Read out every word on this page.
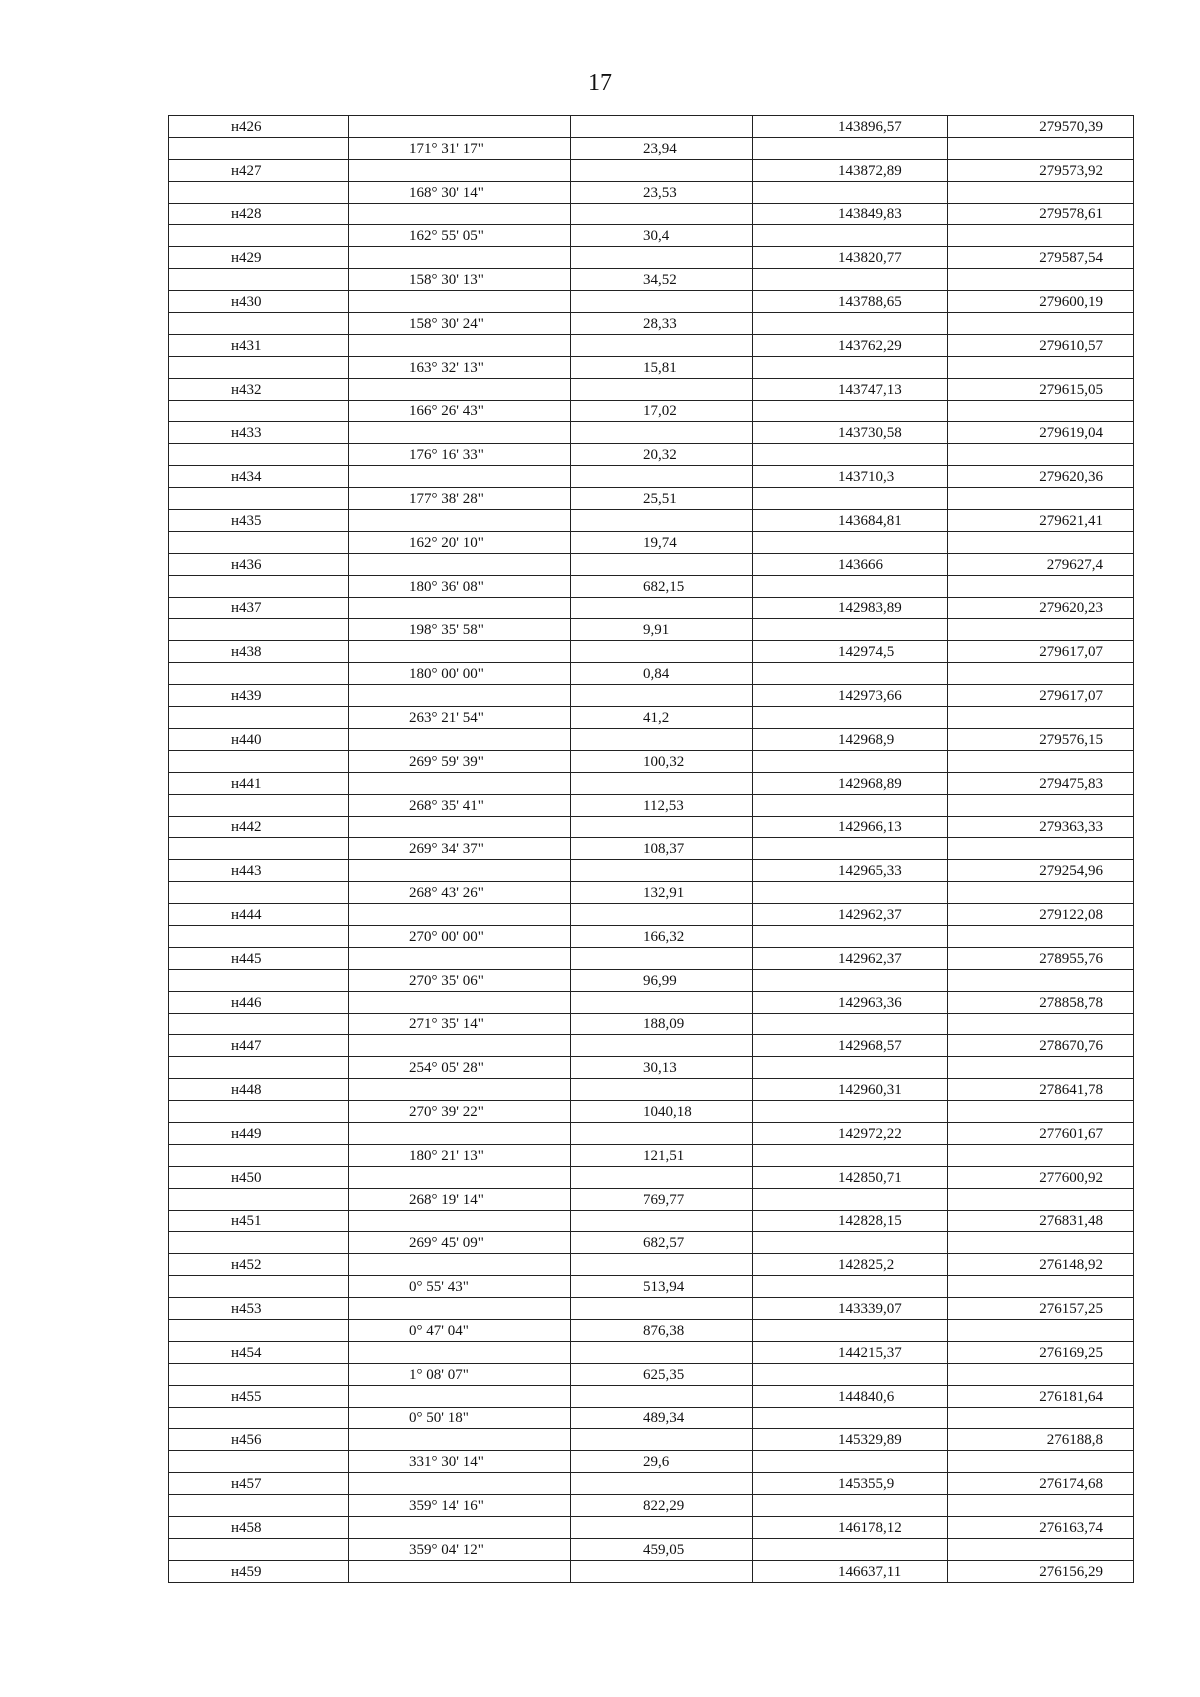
17
н426			143896,57	279570,39
	171° 31' 17"	23,94		
н427			143872,89	279573,92
	168° 30' 14"	23,53		
н428			143849,83	279578,61
	162° 55' 05"	30,4		
н429			143820,77	279587,54
	158° 30' 13"	34,52		
н430			143788,65	279600,19
	158° 30' 24"	28,33		
н431			143762,29	279610,57
	163° 32' 13"	15,81		
н432			143747,13	279615,05
	166° 26' 43"	17,02		
н433			143730,58	279619,04
	176° 16' 33"	20,32		
н434			143710,3	279620,36
	177° 38' 28"	25,51		
н435			143684,81	279621,41
	162° 20' 10"	19,74		
н436			143666	279627,4
	180° 36' 08"	682,15		
н437			142983,89	279620,23
	198° 35' 58"	9,91		
н438			142974,5	279617,07
	180° 00' 00"	0,84		
н439			142973,66	279617,07
	263° 21' 54"	41,2		
н440			142968,9	279576,15
	269° 59' 39"	100,32		
н441			142968,89	279475,83
	268° 35' 41"	112,53		
н442			142966,13	279363,33
	269° 34' 37"	108,37		
н443			142965,33	279254,96
	268° 43' 26"	132,91		
н444			142962,37	279122,08
	270° 00' 00"	166,32		
н445			142962,37	278955,76
	270° 35' 06"	96,99		
н446			142963,36	278858,78
	271° 35' 14"	188,09		
н447			142968,57	278670,76
	254° 05' 28"	30,13		
н448			142960,31	278641,78
	270° 39' 22"	1040,18		
н449			142972,22	277601,67
	180° 21' 13"	121,51		
н450			142850,71	277600,92
	268° 19' 14"	769,77		
н451			142828,15	276831,48
	269° 45' 09"	682,57		
н452			142825,2	276148,92
	0° 55' 43"	513,94		
н453			143339,07	276157,25
	0° 47' 04"	876,38		
н454			144215,37	276169,25
	1° 08' 07"	625,35		
н455			144840,6	276181,64
	0° 50' 18"	489,34		
н456			145329,89	276188,8
	331° 30' 14"	29,6		
н457			145355,9	276174,68
	359° 14' 16"	822,29		
н458			146178,12	276163,74
	359° 04' 12"	459,05		
н459			146637,11	276156,29
